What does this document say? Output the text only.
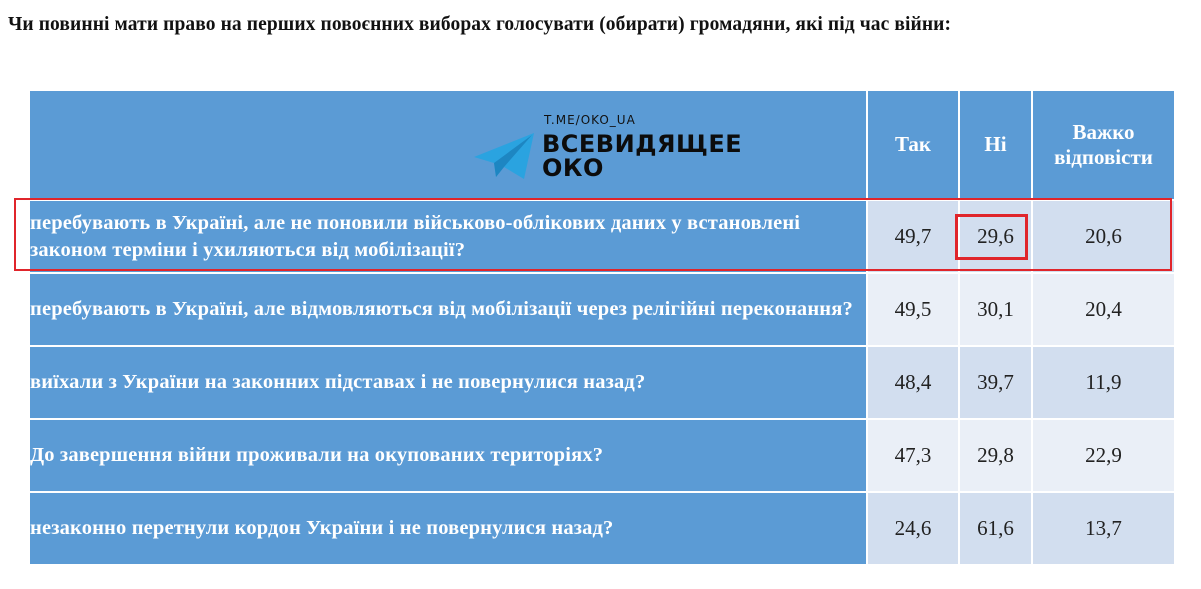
Чи повинні мати право на перших повоєнних виборах голосувати (обирати) громадяни, які під час війни:
T.ME/OKO_UA
ВСЕВИДЯЩЕЕ
ОКО	Так	Ні	Важко відповісти
перебувають в Україні, але не поновили військово-облікових даних у встановлені законом терміни і ухиляються від мобілізації?	49,7	29,6	20,6
перебувають в Україні, але відмовляються від мобілізації через релігійні переконання?	49,5	30,1	20,4
виїхали з України на законних підставах і не повернулися назад?	48,4	39,7	11,9
До завершення війни проживали на окупованих територіях?	47,3	29,8	22,9
незаконно перетнули кордон України і не повернулися назад?	24,6	61,6	13,7
